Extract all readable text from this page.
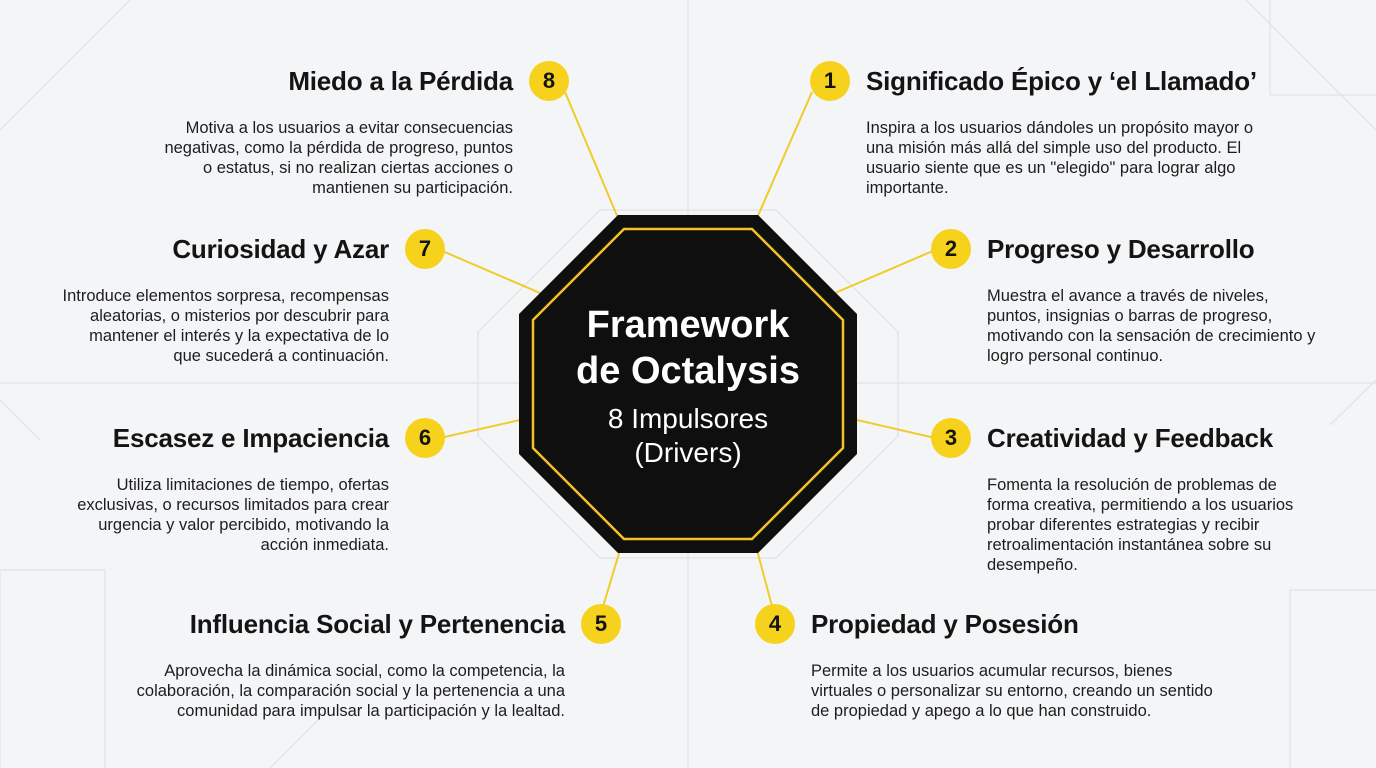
Framework
de Octalysis
8 Impulsores
(Drivers)
1	Significado Épico y ‘el Llamado’
Inspira a los usuarios dándoles un propósito mayor o
una misión más allá del simple uso del producto. El
usuario siente que es un "elegido" para lograr algo
importante.
2	Progreso y Desarrollo
Muestra el avance a través de niveles,
puntos, insignias o barras de progreso,
motivando con la sensación de crecimiento y
logro personal continuo.
3	Creatividad y Feedback
Fomenta la resolución de problemas de
forma creativa, permitiendo a los usuarios
probar diferentes estrategias y recibir
retroalimentación instantánea sobre su
desempeño.
4	Propiedad y Posesión
Permite a los usuarios acumular recursos, bienes
virtuales o personalizar su entorno, creando un sentido
de propiedad y apego a lo que han construido.
Influencia Social y Pertenencia	5
Aprovecha la dinámica social, como la competencia, la
colaboración, la comparación social y la pertenencia a una
comunidad para impulsar la participación y la lealtad.
Escasez e Impaciencia	6
Utiliza limitaciones de tiempo, ofertas
exclusivas, o recursos limitados para crear
urgencia y valor percibido, motivando la
acción inmediata.
Curiosidad y Azar	7
Introduce elementos sorpresa, recompensas
aleatorias, o misterios por descubrir para
mantener el interés y la expectativa de lo
que sucederá a continuación.
Miedo a la Pérdida	8
Motiva a los usuarios a evitar consecuencias
negativas, como la pérdida de progreso, puntos
o estatus, si no realizan ciertas acciones o
mantienen su participación.
